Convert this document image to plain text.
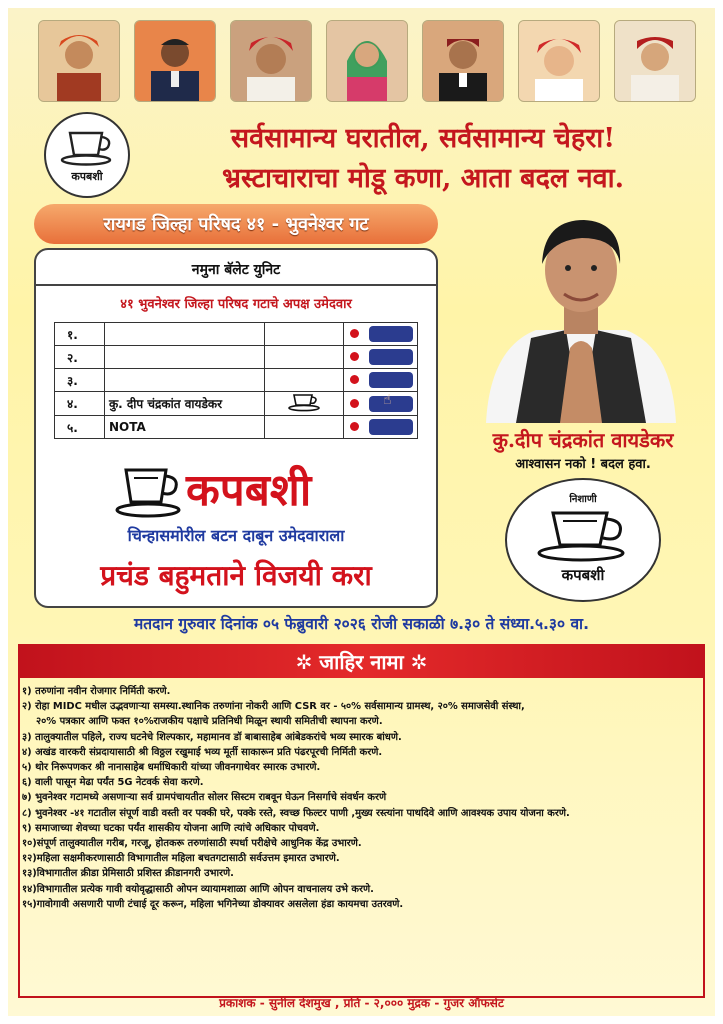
कपबशी
सर्वसामान्य घरातील, सर्वसामान्य चेहरा!
भ्रस्टाचाराचा मोडू कणा, आता बदल नवा.
रायगड जिल्हा परिषद ४१ - भुवनेश्वर गट
नमुना बॅलेट युनिट
४१ भुवनेश्वर जिल्हा परिषद गटाचे अपक्ष उमेदवार
१.				

२.				

३.				

४.	कु. दीप चंद्रकांत वायडेकर			☝

५.	NOTA			
कपबशी
चिन्हासमोरील बटन दाबून उमेदवाराला
प्रचंड बहुमताने विजयी करा
कु.दीप चंद्रकांत वायडेकर
आश्वासन नको ! बदल हवा.
निशाणी
कपबशी
मतदान गुरुवार दिनांक ०५ फेब्रुवारी २०२६ रोजी सकाळी ७.३० ते संध्या.५.३० वा.
✲ जाहिर नामा ✲
१) तरुणांना नवीन रोजगार निर्मिती करणे.
२) रोहा MIDC मधील उद्भवणाऱ्या समस्या.स्थानिक तरुणांना नोकरी आणि CSR वर - ५०% सर्वसामान्य ग्रामस्थ, २०% समाजसेवी संस्था,
२०% पत्रकार आणि फक्त १०%राजकीय पक्षाचे प्रतिनिधी मिळून स्थायी समितीची स्थापना करणे.
३) तालुक्यातील पहिले, राज्य घटनेचे शिल्पकार, महामानव डॉ बाबासाहेब आंबेडकरांचे भव्य स्मारक बांधणे.
४) अखंड वारकरी संप्रदायासाठी श्री विठ्ठल रखुमाई भव्य मूर्ती साकारून प्रति पंढरपूरची निर्मिती करणे.
५) थोर निरूपणकर श्री नानासाहेब धर्माधिकारी यांच्या जीवनगाथेवर स्मारक उभारणे.
६) वाली पासून मेढा पर्यंत 5G नेटवर्क सेवा करणे.
७) भुवनेश्वर गटामध्ये असणाऱ्या सर्व ग्रामपंचायतीत सोलर सिस्टम राबवून घेऊन निसर्गाचे संवर्धन करणे
८) भुवनेश्वर -४१ गटातील संपूर्ण वाडी वस्ती वर पक्की घरे, पक्के रस्ते, स्वच्छ फिल्टर पाणी ,मुख्य रस्त्यांना पाथदिवे आणि आवश्यक उपाय योजना करणे.
९) समाजाच्या शेवच्या घटका पर्यंत शासकीय योजना आणि त्यांचे अधिकार पोचवणे.
१०)संपूर्ण तालुक्यातील गरीब, गरजू, होतकरू तरुणांसाठी स्पर्धा परीक्षेचे आधुनिक केंद्र उभारणे.
१२)महिला सक्षमीकरणासाठी विभागातील महिला बचतगटासाठी सर्वउत्तम इमारत उभारणे.
१३)विभागातील क्रीडा प्रेमिसाठी प्रशिस्त क्रीडानगरी उभारणे.
१४)विभागातील प्रत्येक गावी वयोवृद्धासाठी ओपन व्यायामशाळा आणि ओपन वाचनालय उभे करणे.
१५)गावोगावी असणारी पाणी टंचाई दूर करून, महिला भगिनेच्या डोक्यावर असलेला हंडा कायमचा उतरवणे.
प्रकाशक - सुनील देशमुख , प्रति - २,००० मुद्रक - गुजर ऑफसेट
